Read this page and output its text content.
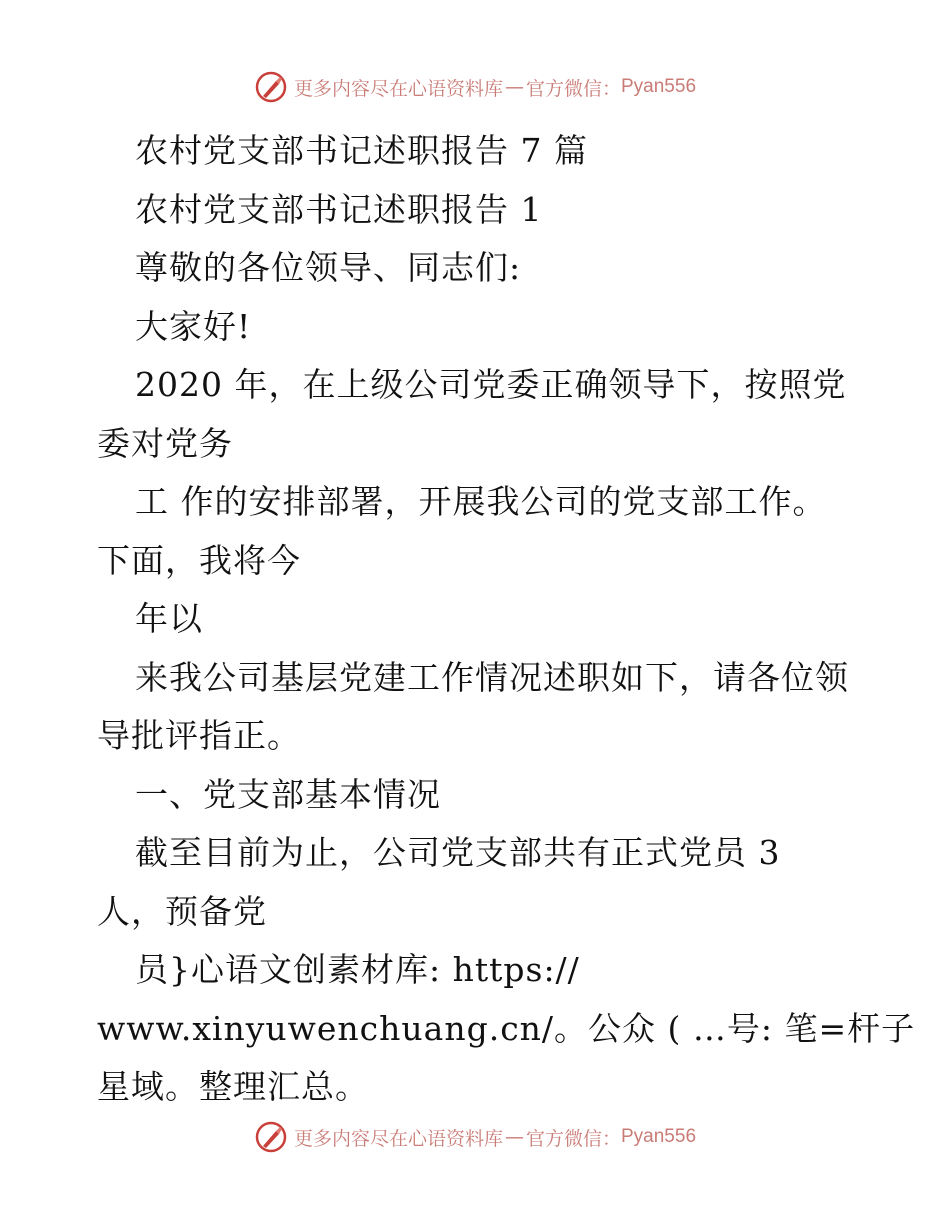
更多内容尽在心语资料库 — 官方微信： Pyan556
农村党支部书记述职报告 7 篇
农村党支部书记述职报告 1
尊敬的各位领导、同志们:
大家好!
2020 年，在上级公司党委正确领导下，按照党
委对党务
工 作的安排部署，开展我公司的党支部工作。
下面，我将今
年以
来我公司基层党建工作情况述职如下，请各位领
导批评指正。
一、党支部基本情况
截至目前为止，公司党支部共有正式党员 3
人，预备党
员}心语文创素材库: https://
www.xinyuwenchuang.cn/。公众 ( …号: 笔=杆子
星域。整理汇总。
更多内容尽在心语资料库 — 官方微信： Pyan556
